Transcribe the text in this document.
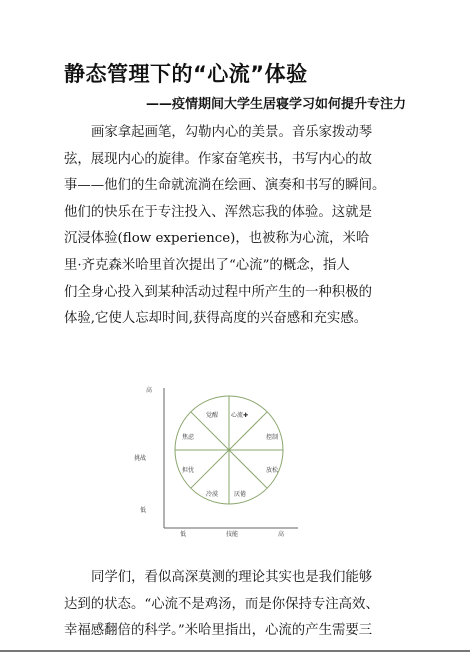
静态管理下的“心流”体验
——疫情期间大学生居寝学习如何提升专注力
画家拿起画笔，勾勒内心的美景。音乐家拨动琴
弦，展现内心的旋律。作家奋笔疾书，书写内心的故
事——他们的生命就流淌在绘画、演奏和书写的瞬间。
他们的快乐在于专注投入、浑然忘我的体验。这就是
沉浸体验(flow experience)，也被称为心流，米哈
里·齐克森米哈里首次提出了“心流”的概念，指人
们全身心投入到某种活动过程中所产生的一种积极的
体验,它使人忘却时间,获得高度的兴奋感和充实感。
高
挑战
低
低	技能	高
觉醒 心流✚
焦虑	控制
担忧	放松
冷漠	厌倦
同学们，看似高深莫测的理论其实也是我们能够
达到的状态。“心流不是鸡汤，而是你保持专注高效、
幸福感翻倍的科学。”米哈里指出，心流的产生需要三
